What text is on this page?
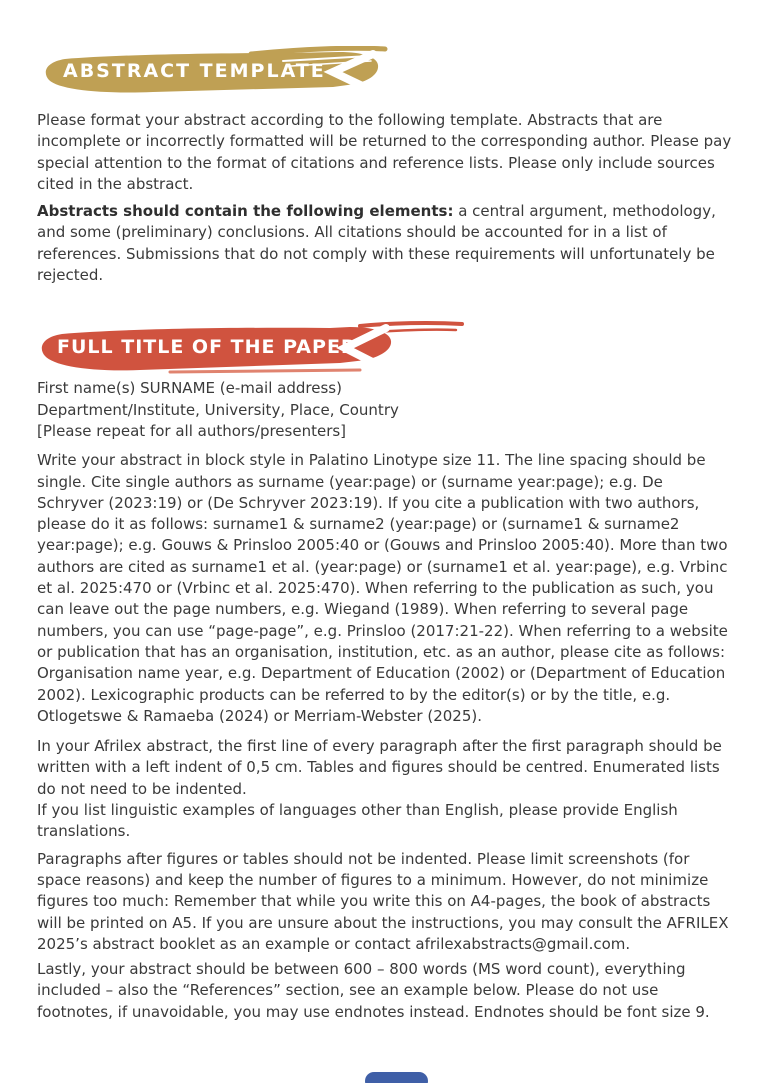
ABSTRACT TEMPLATE

Please format your abstract according to the following template. Abstracts that are incomplete or incorrectly formatted will be returned to the corresponding author. Please pay special attention to the format of citations and reference lists. Please only include sources cited in the abstract.

Abstracts should contain the following elements: a central argument, methodology, and some (preliminary) conclusions. All citations should be accounted for in a list of references. Submissions that do not comply with these requirements will unfortunately be rejected.

FULL TITLE OF THE PAPER
First name(s) SURNAME (e-mail address)
Department/Institute, University, Place, Country
[Please repeat for all authors/presenters]

Write your abstract in block style in Palatino Linotype size 11. The line spacing should be single. Cite single authors as surname (year:page) or (surname year:page); e.g. De Schryver (2023:19) or (De Schryver 2023:19). If you cite a publication with two authors, please do it as follows: surname1 & surname2 (year:page) or (surname1 & surname2 year:page); e.g. Gouws & Prinsloo 2005:40 or (Gouws and Prinsloo 2005:40). More than two authors are cited as surname1 et al. (year:page) or (surname1 et al. year:page), e.g. Vrbinc et al. 2025:470 or (Vrbinc et al. 2025:470). When referring to the publication as such, you can leave out the page numbers, e.g. Wiegand (1989). When referring to several page numbers, you can use “page-page”, e.g. Prinsloo (2017:21-22). When referring to a website or publication that has an organisation, institution, etc. as an author, please cite as follows: Organisation name year, e.g. Department of Education (2002) or (Department of Education 2002). Lexicographic products can be referred to by the editor(s) or by the title, e.g. Otlogetswe & Ramaeba (2024) or Merriam-Webster (2025).

In your Afrilex abstract, the first line of every paragraph after the first paragraph should be written with a left indent of 0,5 cm. Tables and figures should be centred. Enumerated lists do not need to be indented.
If you list linguistic examples of languages other than English, please provide English translations.

Paragraphs after figures or tables should not be indented. Please limit screenshots (for space reasons) and keep the number of figures to a minimum. However, do not minimize figures too much: Remember that while you write this on A4-pages, the book of abstracts will be printed on A5. If you are unsure about the instructions, you may consult the AFRILEX 2025’s abstract booklet as an example or contact afrilexabstracts@gmail.com.

Lastly, your abstract should be between 600 – 800 words (MS word count), everything included – also the “References” section, see an example below. Please do not use footnotes, if unavoidable, you may use endnotes instead. Endnotes should be font size 9.
